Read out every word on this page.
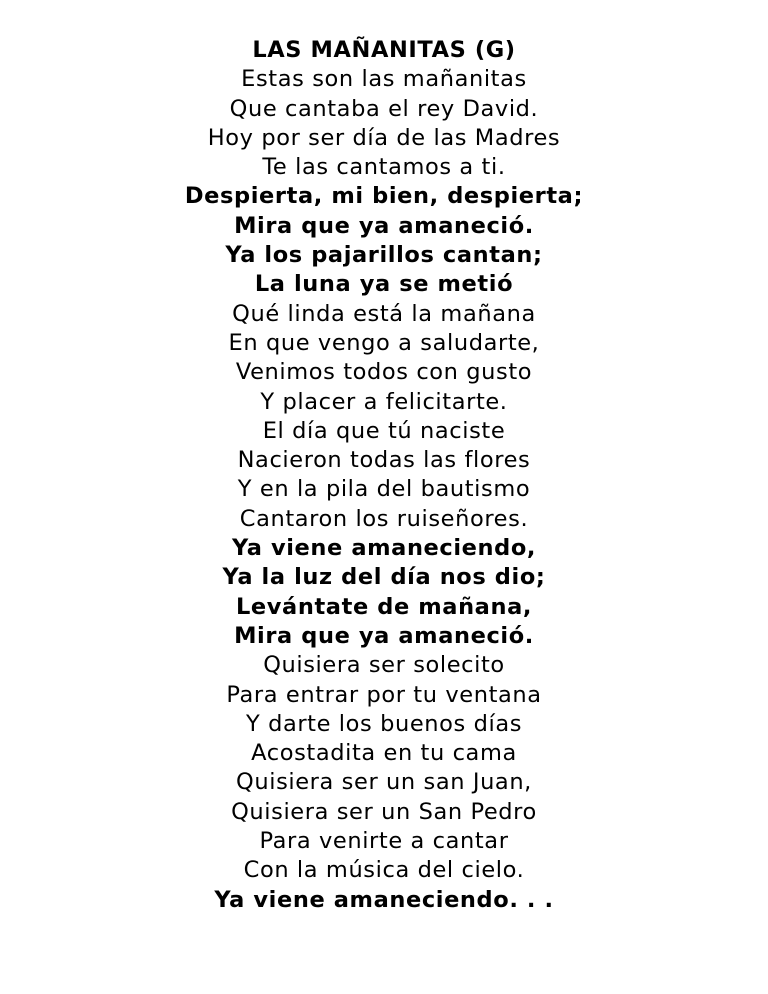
LAS MAÑANITAS (G)
Estas son las mañanitas
Que cantaba el rey David.
Hoy por ser día de las Madres
Te las cantamos a ti.
Despierta, mi bien, despierta;
Mira que ya amaneció.
Ya los pajarillos cantan;
La luna ya se metió
Qué linda está la mañana
En que vengo a saludarte,
Venimos todos con gusto
Y placer a felicitarte.
El día que tú naciste
Nacieron todas las flores
Y en la pila del bautismo
Cantaron los ruiseñores.
Ya viene amaneciendo,
Ya la luz del día nos dio;
Levántate de mañana,
Mira que ya amaneció.
Quisiera ser solecito
Para entrar por tu ventana
Y darte los buenos días
Acostadita en tu cama
Quisiera ser un san Juan,
Quisiera ser un San Pedro
Para venirte a cantar
Con la música del cielo.
Ya viene amaneciendo. . .
